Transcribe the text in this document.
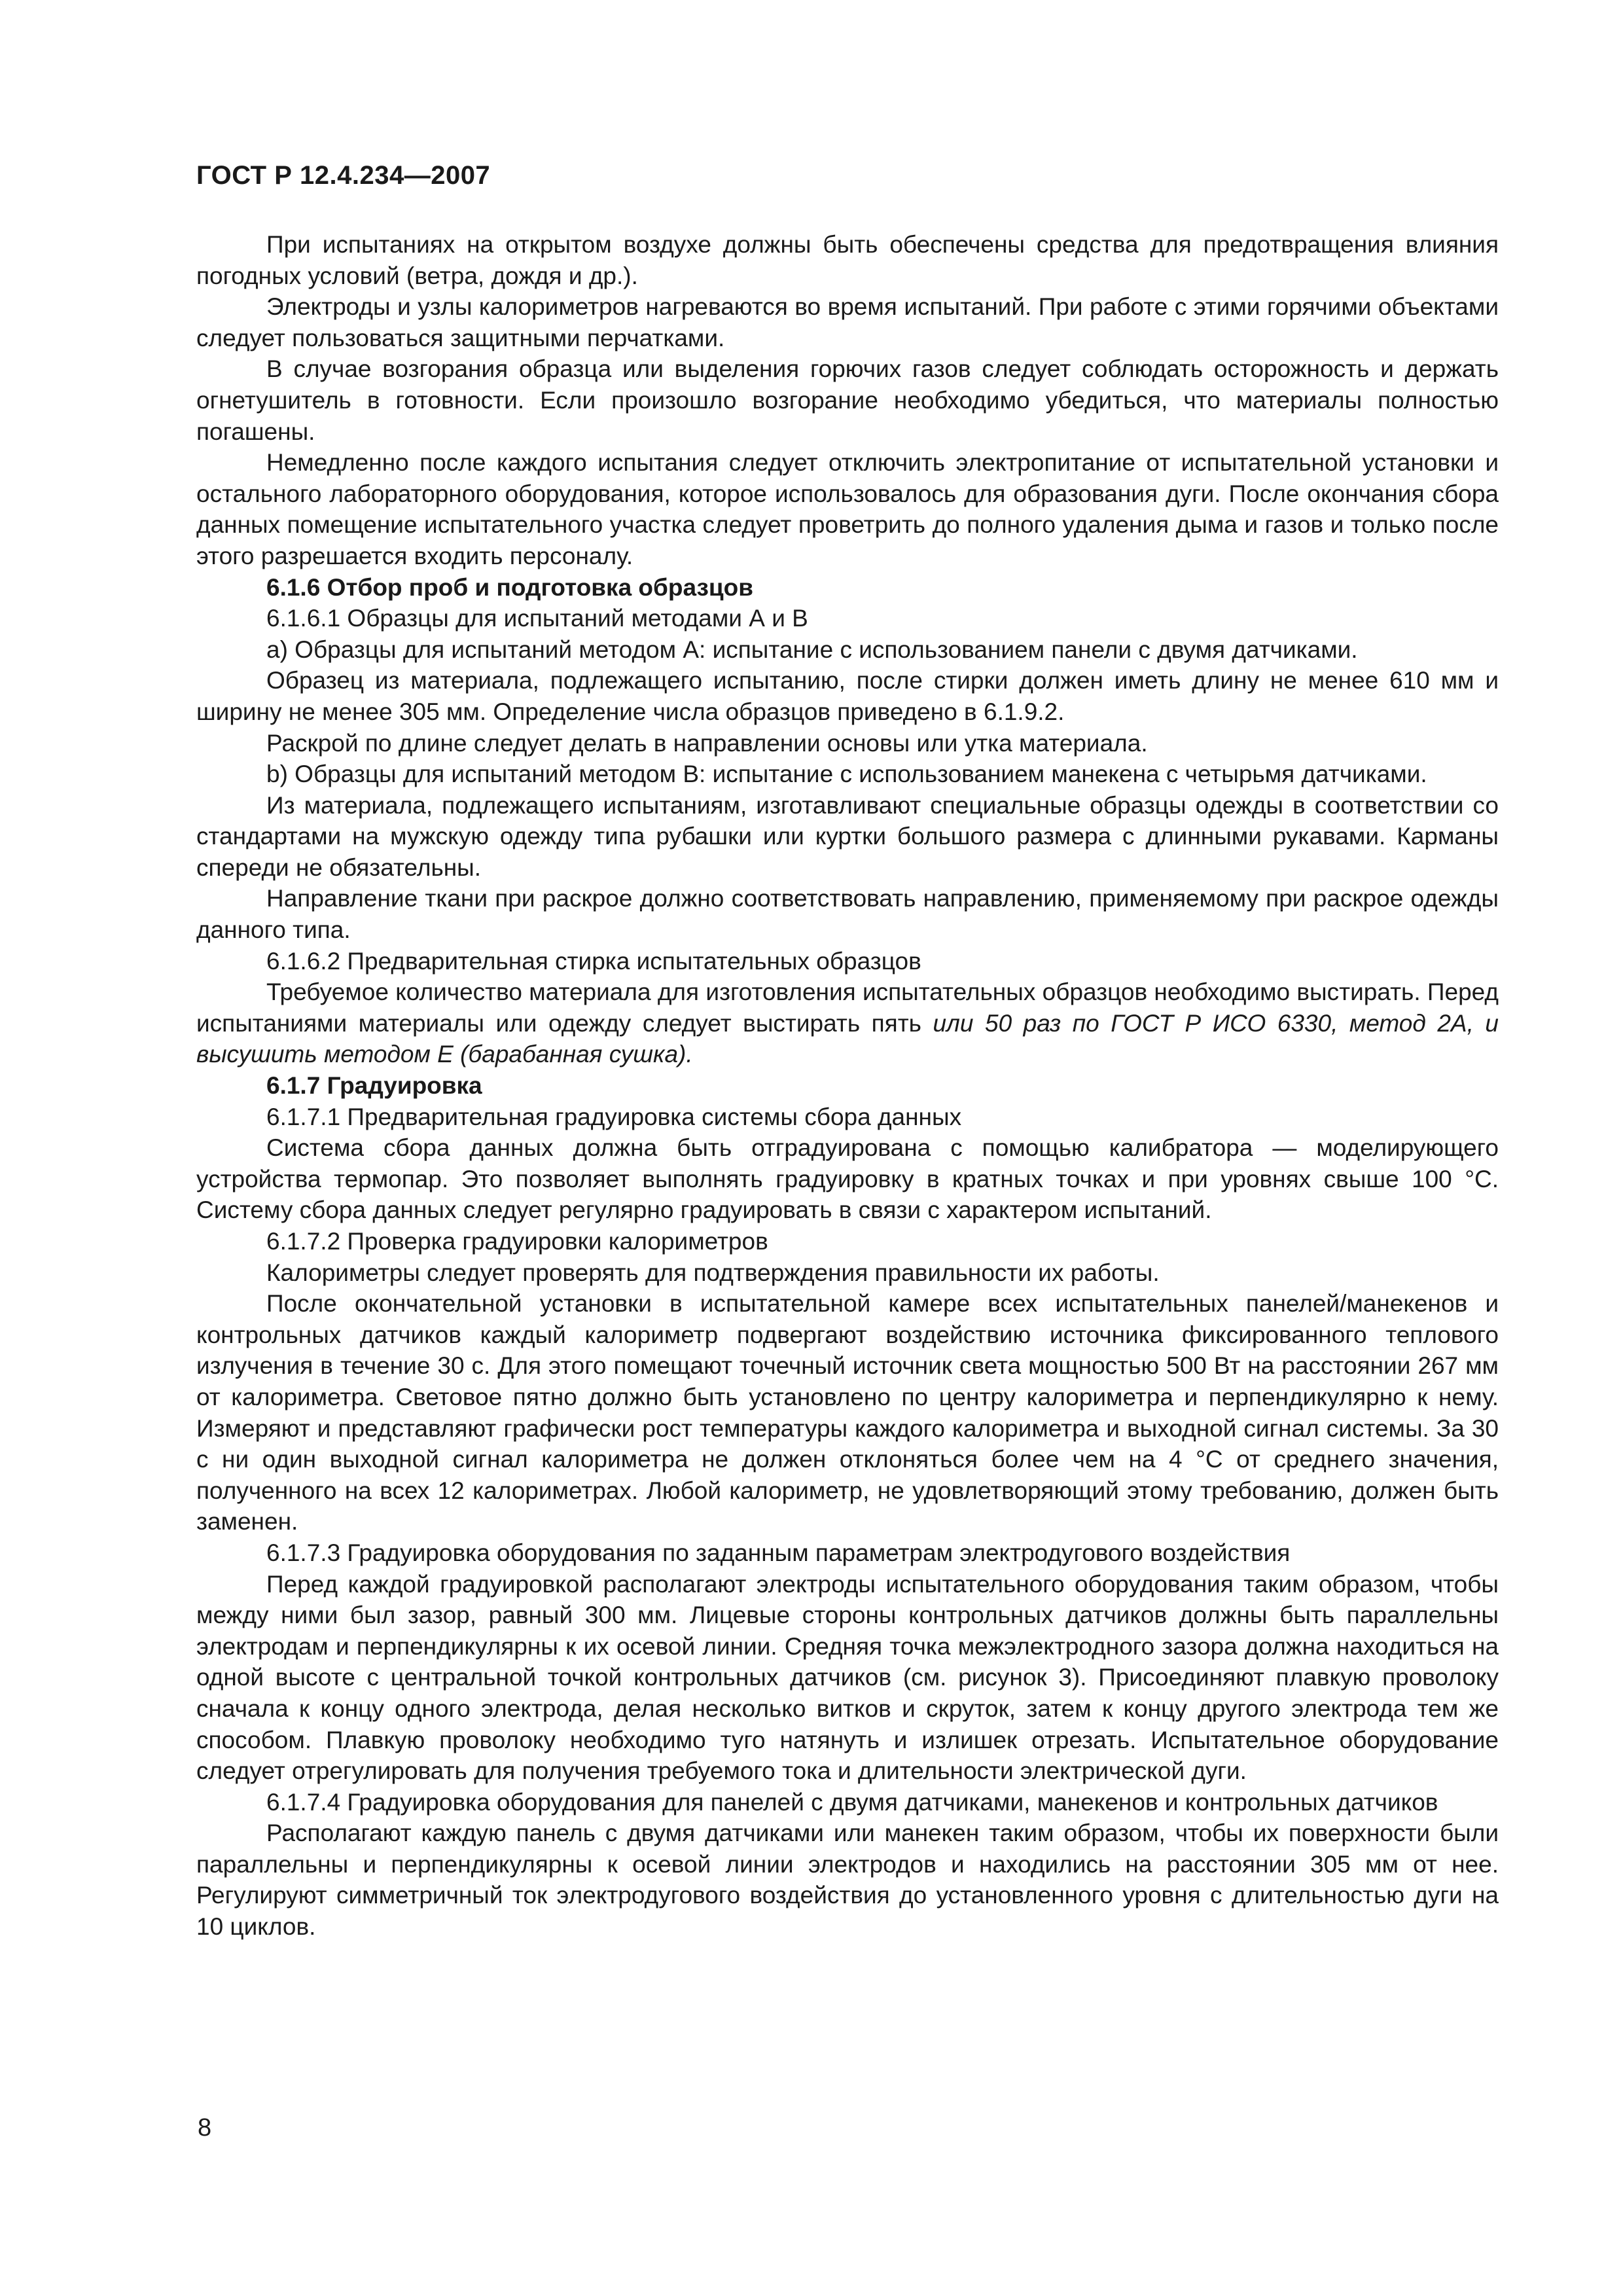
ГОСТ Р 12.4.234—2007

При испытаниях на открытом воздухе должны быть обеспечены средства для предотвращения влияния погодных условий (ветра, дождя и др.).

Электроды и узлы калориметров нагреваются во время испытаний. При работе с этими горячими объектами следует пользоваться защитными перчатками.

В случае возгорания образца или выделения горючих газов следует соблюдать осторожность и держать огнетушитель в готовности. Если произошло возгорание необходимо убедиться, что материалы полностью погашены.

Немедленно после каждого испытания следует отключить электропитание от испытательной установки и остального лабораторного оборудования, которое использовалось для образования дуги. После окончания сбора данных помещение испытательного участка следует проветрить до полного удаления дыма и газов и только после этого разрешается входить персоналу.

6.1.6 Отбор проб и подготовка образцов

6.1.6.1 Образцы для испытаний методами А и В

а) Образцы для испытаний методом А: испытание с использованием панели с двумя датчиками.

Образец из материала, подлежащего испытанию, после стирки должен иметь длину не менее 610 мм и ширину не менее 305 мм. Определение числа образцов приведено в 6.1.9.2.

Раскрой по длине следует делать в направлении основы или утка материала.

b) Образцы для испытаний методом В: испытание с использованием манекена с четырьмя датчиками.

Из материала, подлежащего испытаниям, изготавливают специальные образцы одежды в соответствии со стандартами на мужскую одежду типа рубашки или куртки большого размера с длинными рукавами. Карманы спереди не обязательны.

Направление ткани при раскрое должно соответствовать направлению, применяемому при раскрое одежды данного типа.

6.1.6.2 Предварительная стирка испытательных образцов

Требуемое количество материала для изготовления испытательных образцов необходимо выстирать. Перед испытаниями материалы или одежду следует выстирать пять или 50 раз по ГОСТ Р ИСО 6330, метод 2А, и высушить методом Е (барабанная сушка).

6.1.7 Градуировка

6.1.7.1 Предварительная градуировка системы сбора данных

Система сбора данных должна быть отградуирована с помощью калибратора — моделирующего устройства термопар. Это позволяет выполнять градуировку в кратных точках и при уровнях свыше 100 °С. Систему сбора данных следует регулярно градуировать в связи с характером испытаний.

6.1.7.2 Проверка градуировки калориметров

Калориметры следует проверять для подтверждения правильности их работы.

После окончательной установки в испытательной камере всех испытательных панелей/манекенов и контрольных датчиков каждый калориметр подвергают воздействию источника фиксированного теплового излучения в течение 30 с. Для этого помещают точечный источник света мощностью 500 Вт на расстоянии 267 мм от калориметра. Световое пятно должно быть установлено по центру калориметра и перпендикулярно к нему. Измеряют и представляют графически рост температуры каждого калориметра и выходной сигнал системы. За 30 с ни один выходной сигнал калориметра не должен отклоняться более чем на 4 °С от среднего значения, полученного на всех 12 калориметрах. Любой калориметр, не удовлетворяющий этому требованию, должен быть заменен.

6.1.7.3 Градуировка оборудования по заданным параметрам электродугового воздействия

Перед каждой градуировкой располагают электроды испытательного оборудования таким образом, чтобы между ними был зазор, равный 300 мм. Лицевые стороны контрольных датчиков должны быть параллельны электродам и перпендикулярны к их осевой линии. Средняя точка межэлектродного зазора должна находиться на одной высоте с центральной точкой контрольных датчиков (см. рисунок 3). Присоединяют плавкую проволоку сначала к концу одного электрода, делая несколько витков и скруток, затем к концу другого электрода тем же способом. Плавкую проволоку необходимо туго натянуть и излишек отрезать. Испытательное оборудование следует отрегулировать для получения требуемого тока и длительности электрической дуги.

6.1.7.4 Градуировка оборудования для панелей с двумя датчиками, манекенов и контрольных датчиков

Располагают каждую панель с двумя датчиками или манекен таким образом, чтобы их поверхности были параллельны и перпендикулярны к осевой линии электродов и находились на расстоянии 305 мм от нее. Регулируют симметричный ток электродугового воздействия до установленного уровня с длительностью дуги на 10 циклов.

8
